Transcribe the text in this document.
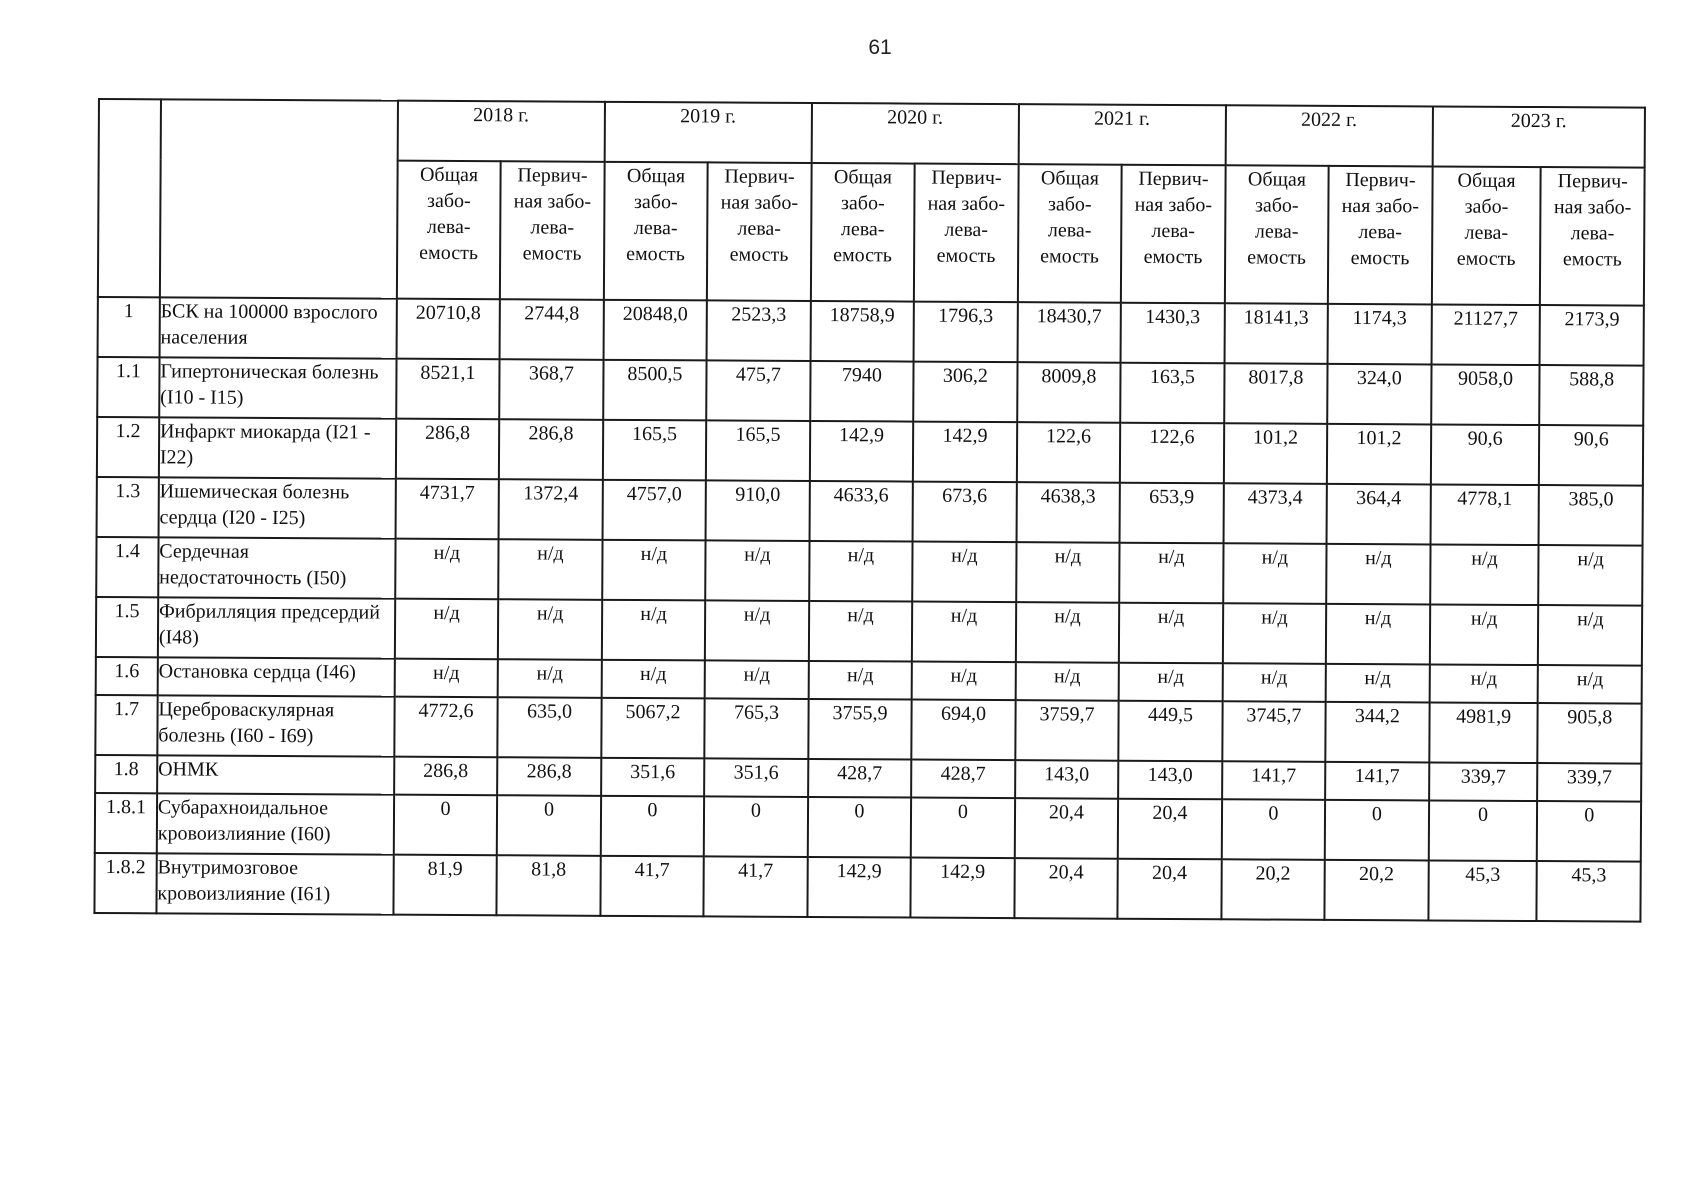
61
		2018 г.		2019 г.		2020 г.		2021 г.		2022 г.		2023 г.	
		Общая
забо-
лева-
емость	Первич-
ная забо-
лева-
емость	Общая
забо-
лева-
емость	Первич-
ная забо-
лева-
емость	Общая
забо-
лева-
емость	Первич-
ная забо-
лева-
емость	Общая
забо-
лева-
емость	Первич-
ная забо-
лева-
емость	Общая
забо-
лева-
емость	Первич-
ная забо-
лева-
емость	Общая
забо-
лева-
емость	Первич-
ная забо-
лева-
емость
1	БСК на 100000 взрослого населения	20710,8	2744,8	20848,0	2523,3	18758,9	1796,3	18430,7	1430,3	18141,3	1174,3	21127,7	2173,9
1.1	Гипертоническая болезнь (I10 - I15)	8521,1	368,7	8500,5	475,7	7940	306,2	8009,8	163,5	8017,8	324,0	9058,0	588,8
1.2	Инфаркт миокарда (I21 - I22)	286,8	286,8	165,5	165,5	142,9	142,9	122,6	122,6	101,2	101,2	90,6	90,6
1.3	Ишемическая болезнь сердца (I20 - I25)	4731,7	1372,4	4757,0	910,0	4633,6	673,6	4638,3	653,9	4373,4	364,4	4778,1	385,0
1.4	Сердечная недостаточность (I50)	н/д	н/д	н/д	н/д	н/д	н/д	н/д	н/д	н/д	н/д	н/д	н/д
1.5	Фибрилляция предсердий (I48)	н/д	н/д	н/д	н/д	н/д	н/д	н/д	н/д	н/д	н/д	н/д	н/д
1.6	Остановка сердца (I46)	н/д	н/д	н/д	н/д	н/д	н/д	н/д	н/д	н/д	н/д	н/д	н/д
1.7	Цереброваскулярная болезнь (I60 - I69)	4772,6	635,0	5067,2	765,3	3755,9	694,0	3759,7	449,5	3745,7	344,2	4981,9	905,8
1.8	ОНМК	286,8	286,8	351,6	351,6	428,7	428,7	143,0	143,0	141,7	141,7	339,7	339,7
1.8.1	Субарахноидальное кровоизлияние (I60)	0	0	0	0	0	0	20,4	20,4	0	0	0	0
1.8.2	Внутримозговое кровоизлияние (I61)	81,9	81,8	41,7	41,7	142,9	142,9	20,4	20,4	20,2	20,2	45,3	45,3
